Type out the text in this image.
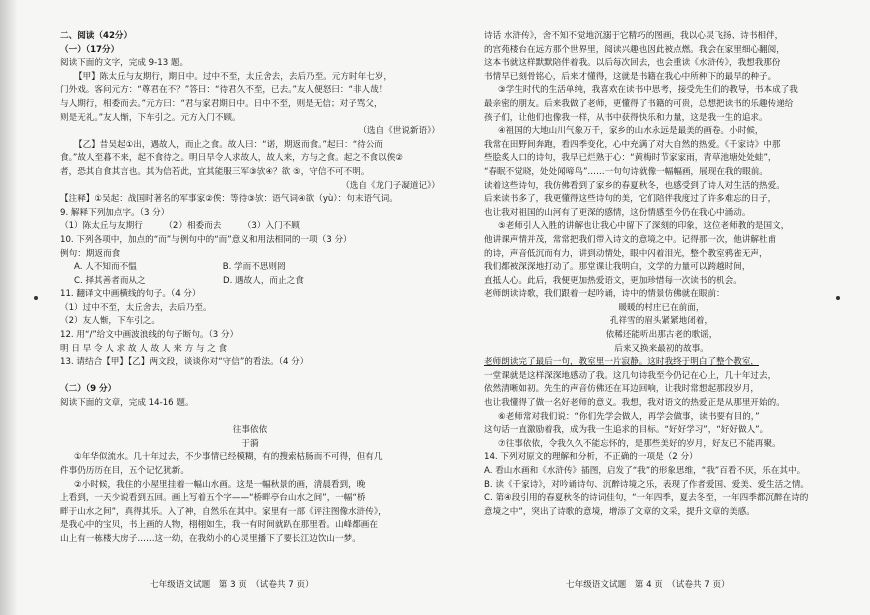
二、阅读（42分）
（一）（17分）
阅读下面的文字，完成 9-13 题。
【甲】陈太丘与友期行，期日中。过中不至，太丘舍去，去后乃至。元方时年七岁，
门外戏。客问元方：“尊君在不？”答曰：“待君久不至，已去。”友人便怒曰：“非人哉！
与人期行，相委而去。”元方曰：“君与家君期日中。日中不至，则是无信；对子骂父，
则是无礼。”友人惭，下车引之。元方入门不顾。
（选自《世说新语》）
【乙】昔吴起①出，遇故人，而止之食。故人曰：“诺，期返而食。”起曰：“待公而
食。”故人至暮不来，起不食待之。明日早令人求故人，故人来，方与之食。起之不食以俟②
者，恐其自食其言也。其为信若此，宜其能服三军③欤④？欲 ⑤，守信不可不明。
（选自《龙门子凝道记》）
【注释】①吴起：战国时著名的军事家②俟：等待③欤：语气词④欲（yù）：句末语气词。
9. 解释下列加点字。（3 分）
（1）陈太丘与友期行　　　（2）相委而去　　　（3）入门不顾
10. 下列各项中，加点的“而”与例句中的“而”意义和用法相同的一项（3 分）
例句：期返而食
A. 人不知而不愠　　　　　　　　　　B. 学而不思则罔
C. 择其善者而从之　　　　　　　　　D. 遇故人，而止之食
11. 翻译文中画横线的句子。（4 分）
（1）过中不至，太丘舍去，去后乃至。
（2）友人惭，下车引之。
12. 用“/”给文中画波浪线的句子断句。（3 分）
明 日 早 令 人 求 故 人 故 人 来 方 与 之 食
13. 请结合【甲】【乙】两文段，谈谈你对“守信”的看法。（4 分）

（二）（9 分）
阅读下面的文章，完成 14-16 题。

往事依依
于漪
①年华似流水。几十年过去，不少事情已经模糊，有的搜索枯肠而不可得，但有几
件事仍历历在目，五个记忆犹新。
②小时候，我住的小屋里挂着一幅山水画。这是一幅秋景的画，清晨看到，晚
上看到，一天少说看到五回。画上写着五个字——“桥畔亭台山水之间”，一幅“桥
畔于山水之间”，真得其乐。入了神，自然乐在其中。家里有一部《评注图像水浒传》，
是我心中的宝贝，书上画的人物，栩栩如生，我一有时间就趴在那里看。山峰都画在
山上有一栋楼大房子……这一幼，在我幼小的心灵里播下了要长江边饮山一梦。
诗话 水浒传》，舍不知不觉地沉溺于它精巧的图画，我以心灵飞扬、诗书相伴，
的宫苑楼台在远方那个世界里，阅读兴趣也因此被点燃。我会在家里细心翻阅，
这本书就这样默默陪伴着我。以后每次回去，也会重读《水浒传》，我想我那份
书情早已刻骨铭心，后来才懂得，这就是书籍在我心中所种下的最早的种子。
③学生时代的生活单纯，我喜欢在读书中思考，接受先生们的教导，书本成了我
最亲密的朋友。后来我做了老师，更懂得了书籍的可贵，总想把读书的乐趣传递给
孩子们，让他们也像我一样，从书中获得快乐和力量，这是我一生的追求。
④祖国的大地山川气象万千，家乡的山水永远是最美的画卷。小时候，
我常在田野间奔跑，看四季变化，心中充满了对大自然的热爱。《千家诗》中那
些脍炙人口的诗句，我早已烂熟于心：“黄梅时节家家雨，青草池塘处处蛙”，
“春眠不觉晓，处处闻啼鸟”……一句句诗就像一幅幅画，展现在我的眼前。
读着这些诗句，我仿佛看到了家乡的春夏秋冬，也感受到了诗人对生活的热爱。
后来读书多了，我更懂得这些诗句的美，它们陪伴我度过了许多难忘的日子，
也让我对祖国的山河有了更深的感情，这份情感至今仍在我心中涌动。
⑤老师引人入胜的讲解也让我心中留下了深刻的印象，这位老师教的是国文，
他讲课声情并茂，常常把我们带入诗文的意境之中。记得那一次，他讲解杜甫
的诗，声音低沉而有力，讲到动情处，眼中闪着泪光，整个教室鸦雀无声，
我们都被深深地打动了。那堂课让我明白，文学的力量可以跨越时间，
直抵人心。此后，我便更加热爱语文，更加珍惜每一次读书的机会。
老师朗读诗歌，我们跟着一起吟诵，诗中的情景仿佛就在眼前：
暖暖的村庄已在前面，
孔祥雪的眉头紧紧地闭着，
依稀还能听出那古老的歌谣，
后来又换来最初的故事。
老师朗读完了最后一句，教室里一片寂静。这时我终于明白了整个教室，
一堂课就是这样深深地感动了我。这几句诗我至今仍记在心上，几十年过去，
依然清晰如初。先生的声音仿佛还在耳边回响，让我时常想起那段岁月，
也让我懂得了做一名好老师的意义。我想，我对语文的热爱正是从那里开始的。
⑥老师常对我们说：“你们先学会做人，再学会做事，读书要有目的，”
这句话一直激励着我，成为我一生追求的目标。“好好学习”，“好好做人”。
⑦往事依依，令我久久不能忘怀的，是那些美好的岁月，好友已不能再聚。
14. 下列对原文的理解和分析，不正确的一项是（2 分）
A. 看山水画和《水浒传》插图，启发了“我”的形象思维，“我”百看不厌，乐在其中。
B. 读《千家诗》，对吟诵诗句、沉醉诗境之乐，表现了作者爱国、爱美、爱生活之情。
C. 第④段引用的春夏秋冬的诗词佳句，“一年四季，夏去冬至，一年四季都沉醉在诗的
意境之中”，突出了诗歌的意境，增添了文章的文采，提升文章的美感。
七年级语文试题　第 3 页　（试卷共 7 页）	七年级语文试题　第 4 页　（试卷共 7 页）
